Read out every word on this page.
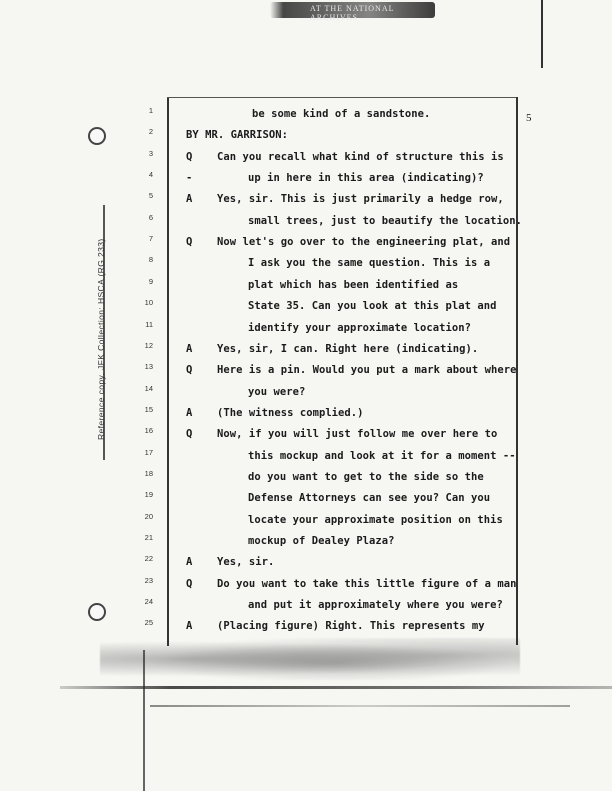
AT THE NATIONAL ARCHIVES
Reference copy, JFK Collection: HSCA (RG 233)
5
1	be some kind of a sandstone.
2	BY MR. GARRISON:
3	Q Can you recall what kind of structure this is
4	-	up in here in this area (indicating)?
5	A Yes, sir. This is just primarily a hedge row,
6	small trees, just to beautify the location.
7	Q Now let's go over to the engineering plat, and
8	I ask you the same question. This is a
9	plat which has been identified as
10	State 35. Can you look at this plat and
11	identify your approximate location?
12	A Yes, sir, I can. Right here (indicating).
13	Q Here is a pin. Would you put a mark about where
14	you were?
15	A (The witness complied.)
16	Q Now, if you will just follow me over here to
17	this mockup and look at it for a moment --
18	do you want to get to the side so the
19	Defense Attorneys can see you? Can you
20	locate your approximate position on this
21	mockup of Dealey Plaza?
22	A Yes, sir.
23	Q Do you want to take this little figure of a man
24	and put it approximately where you were?
25	A (Placing figure) Right. This represents my
